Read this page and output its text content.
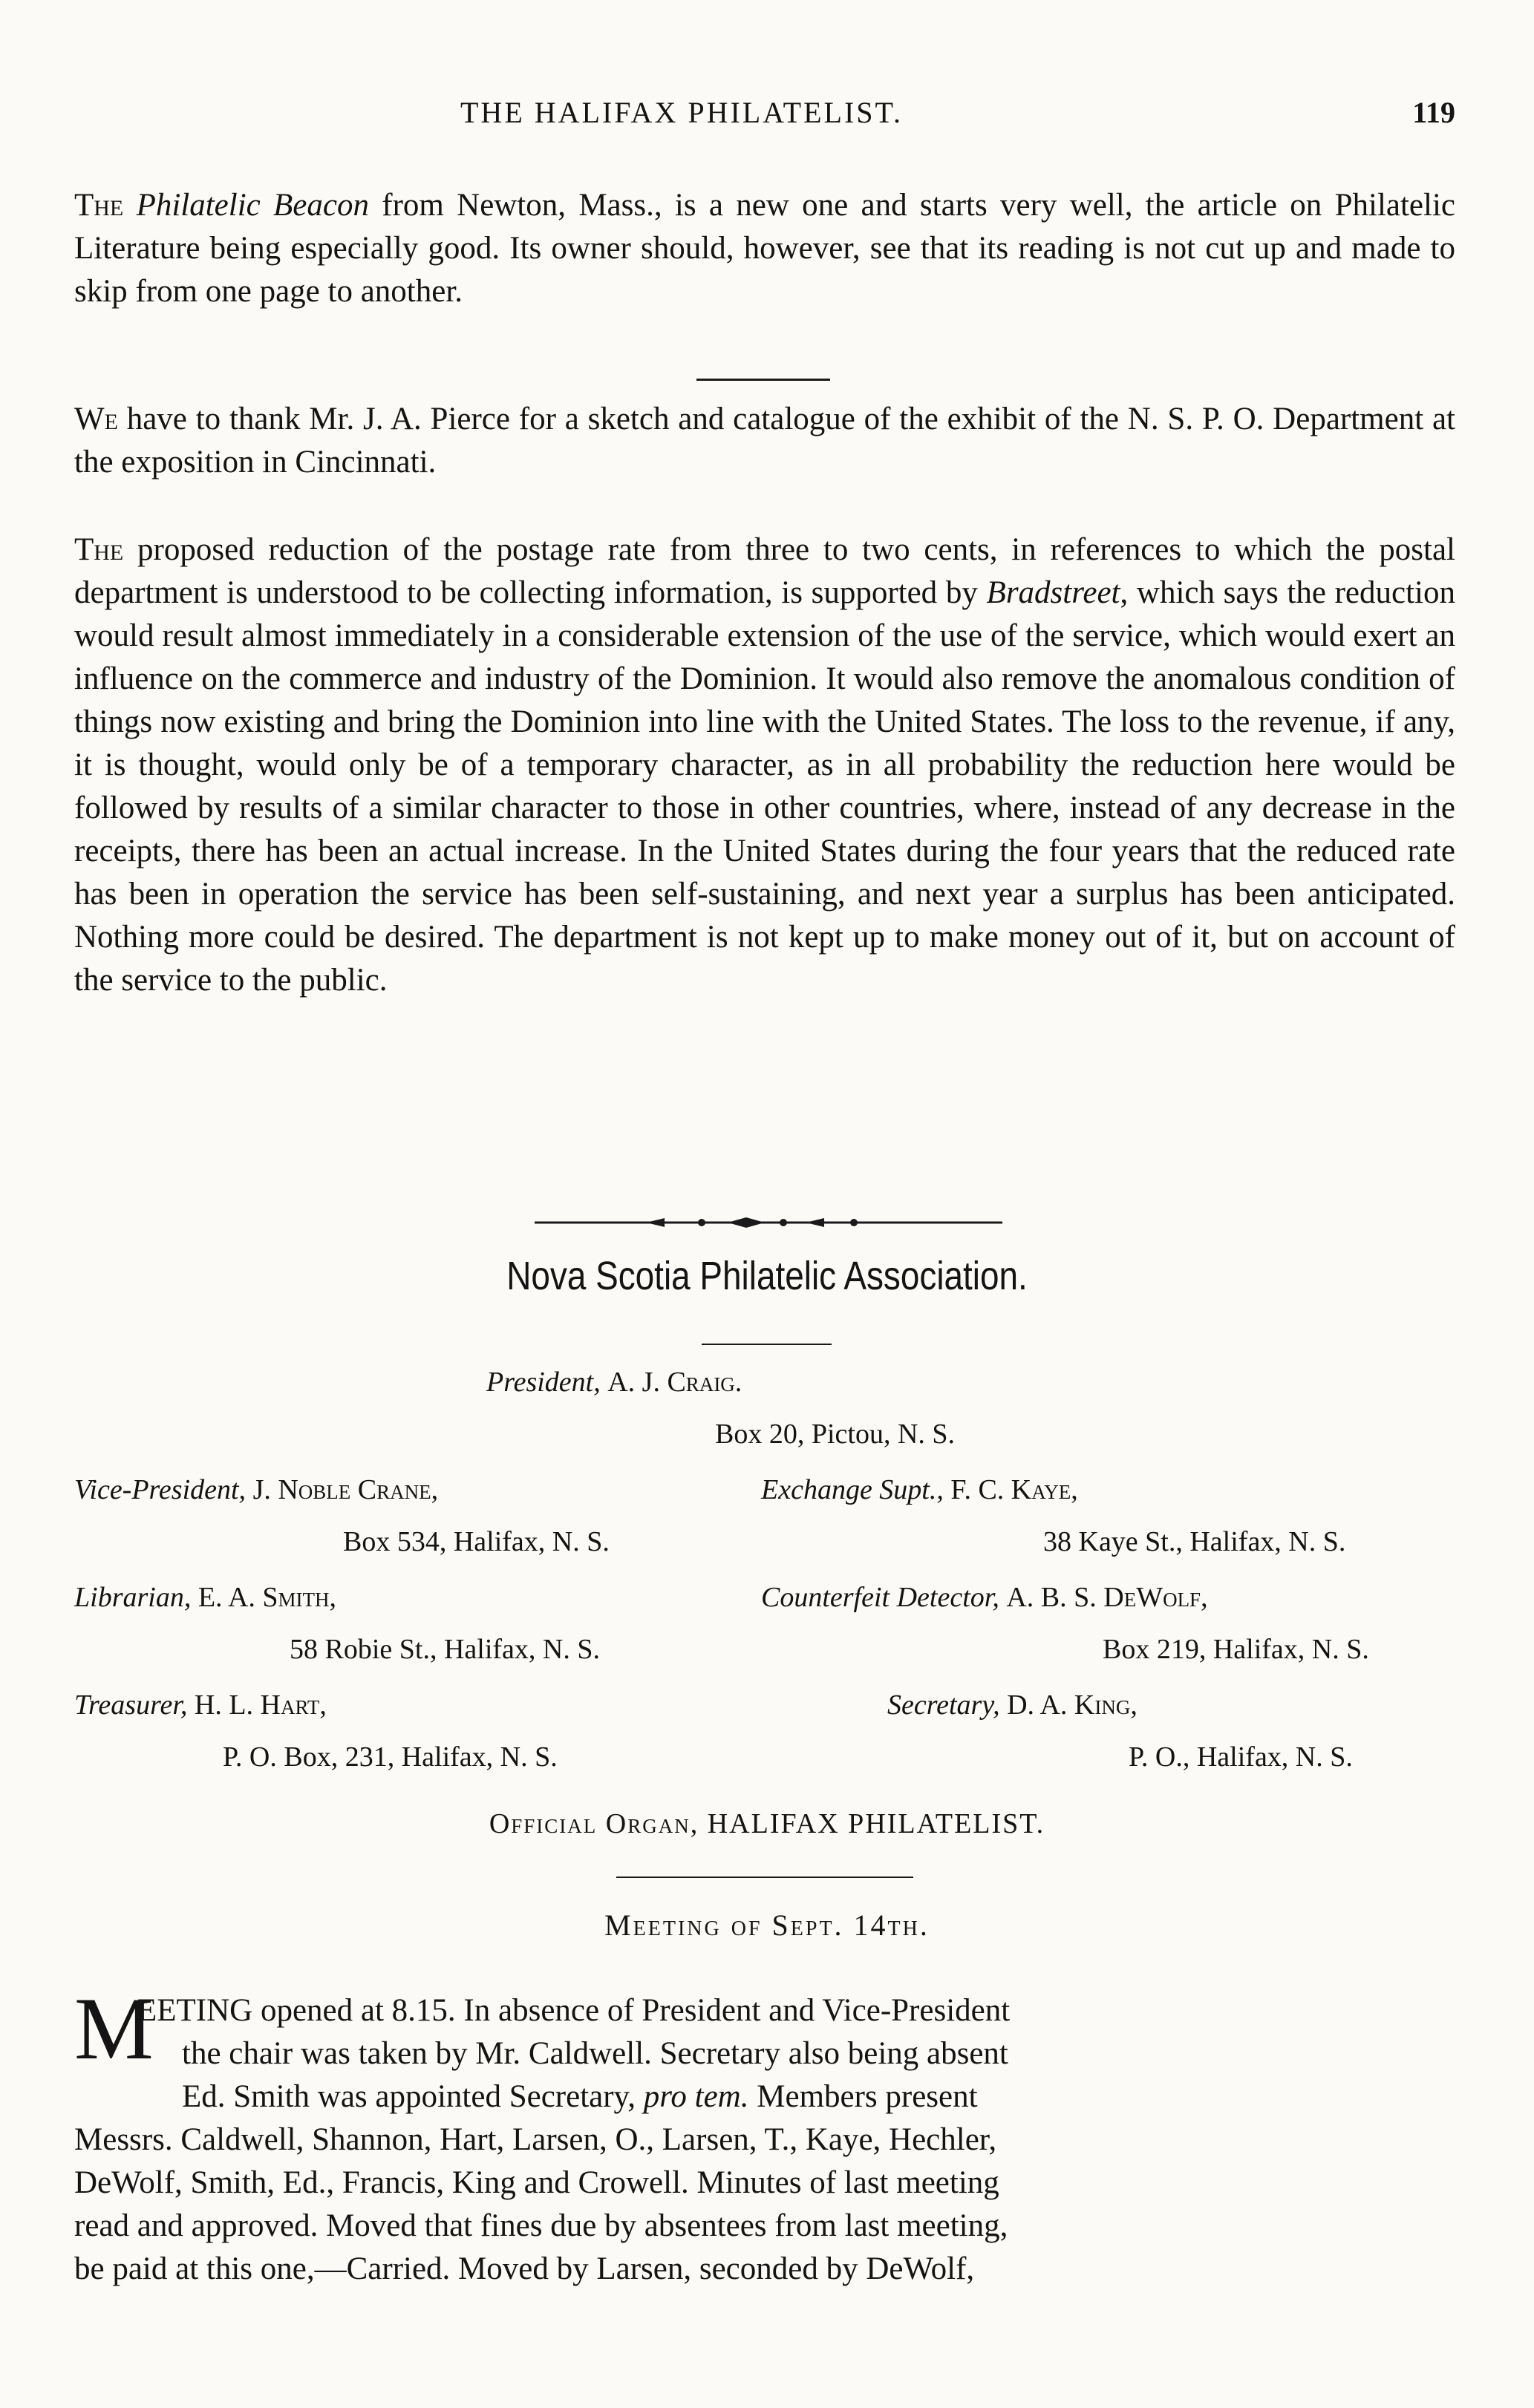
THE HALIFAX PHILATELIST.	119

The Philatelic Beacon from Newton, Mass., is a new one and starts very well, the article on Philatelic Literature being especially good. Its owner should, however, see that its reading is not cut up and made to skip from one page to another.

We have to thank Mr. J. A. Pierce for a sketch and catalogue of the exhibit of the N. S. P. O. Department at the exposition in Cincinnati.

The proposed reduction of the postage rate from three to two cents, in references to which the postal department is understood to be collecting information, is supported by Bradstreet, which says the reduction would result almost immediately in a considerable extension of the use of the service, which would exert an influence on the commerce and industry of the Dominion. It would also remove the anomalous condition of things now existing and bring the Dominion into line with the United States. The loss to the revenue, if any, it is thought, would only be of a temporary character, as in all probability the reduction here would be followed by results of a similar character to those in other countries, where, instead of any decrease in the receipts, there has been an actual increase. In the United States during the four years that the reduced rate has been in operation the service has been self-sustaining, and next year a surplus has been anticipated. Nothing more could be desired. The department is not kept up to make money out of it, but on account of the service to the public.

Nova Scotia Philatelic Association.
President, A. J. Craig.
Box 20, Pictou, N. S.
Vice-President, J. Noble Crane,	Exchange Supt., F. C. Kaye,
Box 534, Halifax, N. S.	38 Kaye St., Halifax, N. S.
Librarian, E. A. Smith,	Counterfeit Detector, A. B. S. DeWolf,
58 Robie St., Halifax, N. S.	Box 219, Halifax, N. S.
Treasurer, H. L. Hart,	Secretary, D. A. King,
P. O. Box, 231, Halifax, N. S.	P. O., Halifax, N. S.
Official Organ, HALIFAX PHILATELIST.
Meeting of Sept. 14th.
M
EETING opened at 8.15. In absence of President and Vice-President
the chair was taken by Mr. Caldwell. Secretary also being absent
Ed. Smith was appointed Secretary, pro tem. Members present
Messrs. Caldwell, Shannon, Hart, Larsen, O., Larsen, T., Kaye, Hechler,
DeWolf, Smith, Ed., Francis, King and Crowell. Minutes of last meeting
read and approved. Moved that fines due by absentees from last meeting,
be paid at this one,—Carried. Moved by Larsen, seconded by DeWolf,
